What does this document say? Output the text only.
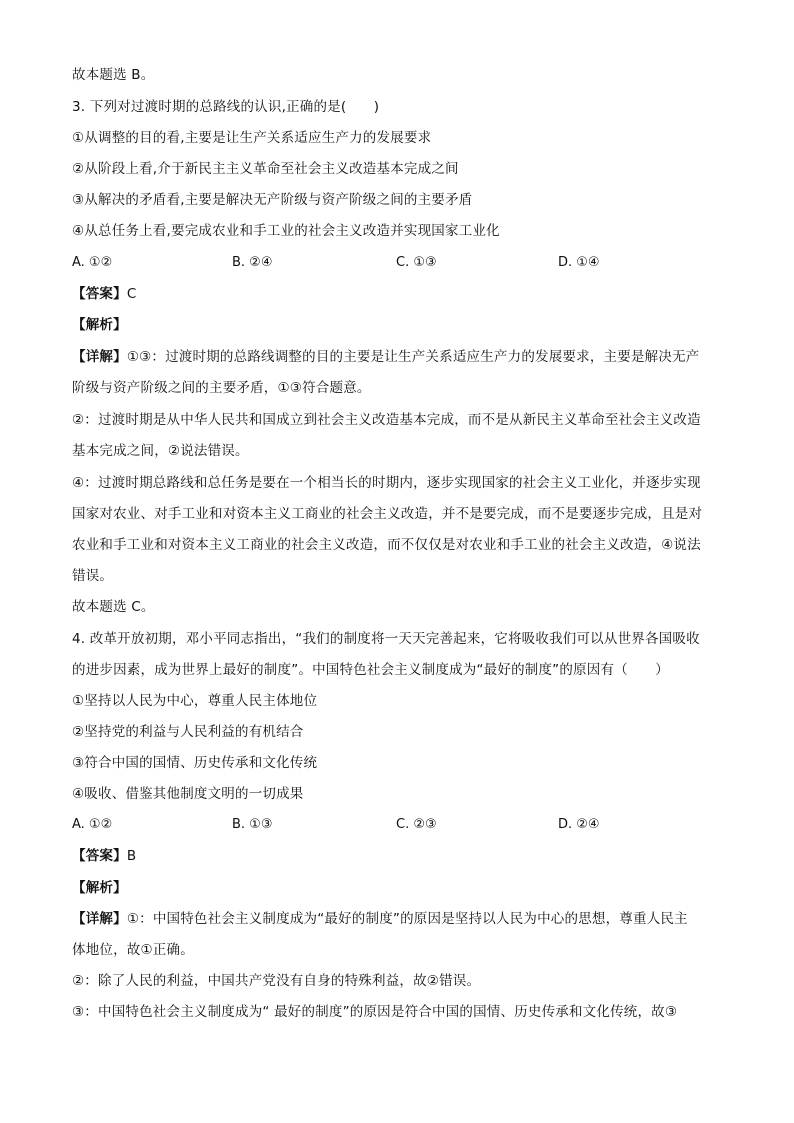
故本题选 B。
3. 下列对过渡时期的总路线的认识,正确的是(　　)
①从调整的目的看,主要是让生产关系适应生产力的发展要求
②从阶段上看,介于新民主主义革命至社会主义改造基本完成之间
③从解决的矛盾看,主要是解决无产阶级与资产阶级之间的主要矛盾
④从总任务上看,要完成农业和手工业的社会主义改造并实现国家工业化
A. ①②	B. ②④	C. ①③	D. ①④
【答案】C
【解析】
【详解】①③：过渡时期的总路线调整的目的主要是让生产关系适应生产力的发展要求，主要是解决无产
阶级与资产阶级之间的主要矛盾，①③符合题意。
②：过渡时期是从中华人民共和国成立到社会主义改造基本完成，而不是从新民主义革命至社会主义改造
基本完成之间，②说法错误。
④：过渡时期总路线和总任务是要在一个相当长的时期内，逐步实现国家的社会主义工业化，并逐步实现
国家对农业、对手工业和对资本主义工商业的社会主义改造，并不是要完成，而不是要逐步完成，且是对
农业和手工业和对资本主义工商业的社会主义改造，而不仅仅是对农业和手工业的社会主义改造，④说法
错误。
故本题选 C。
4. 改革开放初期，邓小平同志指出，“我们的制度将一天天完善起来，它将吸收我们可以从世界各国吸收
的进步因素，成为世界上最好的制度”。中国特色社会主义制度成为“最好的制度”的原因有（　　）
①坚持以人民为中心，尊重人民主体地位
②坚持党的利益与人民利益的有机结合
③符合中国的国情、历史传承和文化传统
④吸收、借鉴其他制度文明的一切成果
A. ①②	B. ①③	C. ②③	D. ②④
【答案】B
【解析】
【详解】①：中国特色社会主义制度成为“最好的制度”的原因是坚持以人民为中心的思想，尊重人民主
体地位，故①正确。
②：除了人民的利益，中国共产党没有自身的特殊利益，故②错误。
③：中国特色社会主义制度成为“ 最好的制度”的原因是符合中国的国情、历史传承和文化传统，故③
